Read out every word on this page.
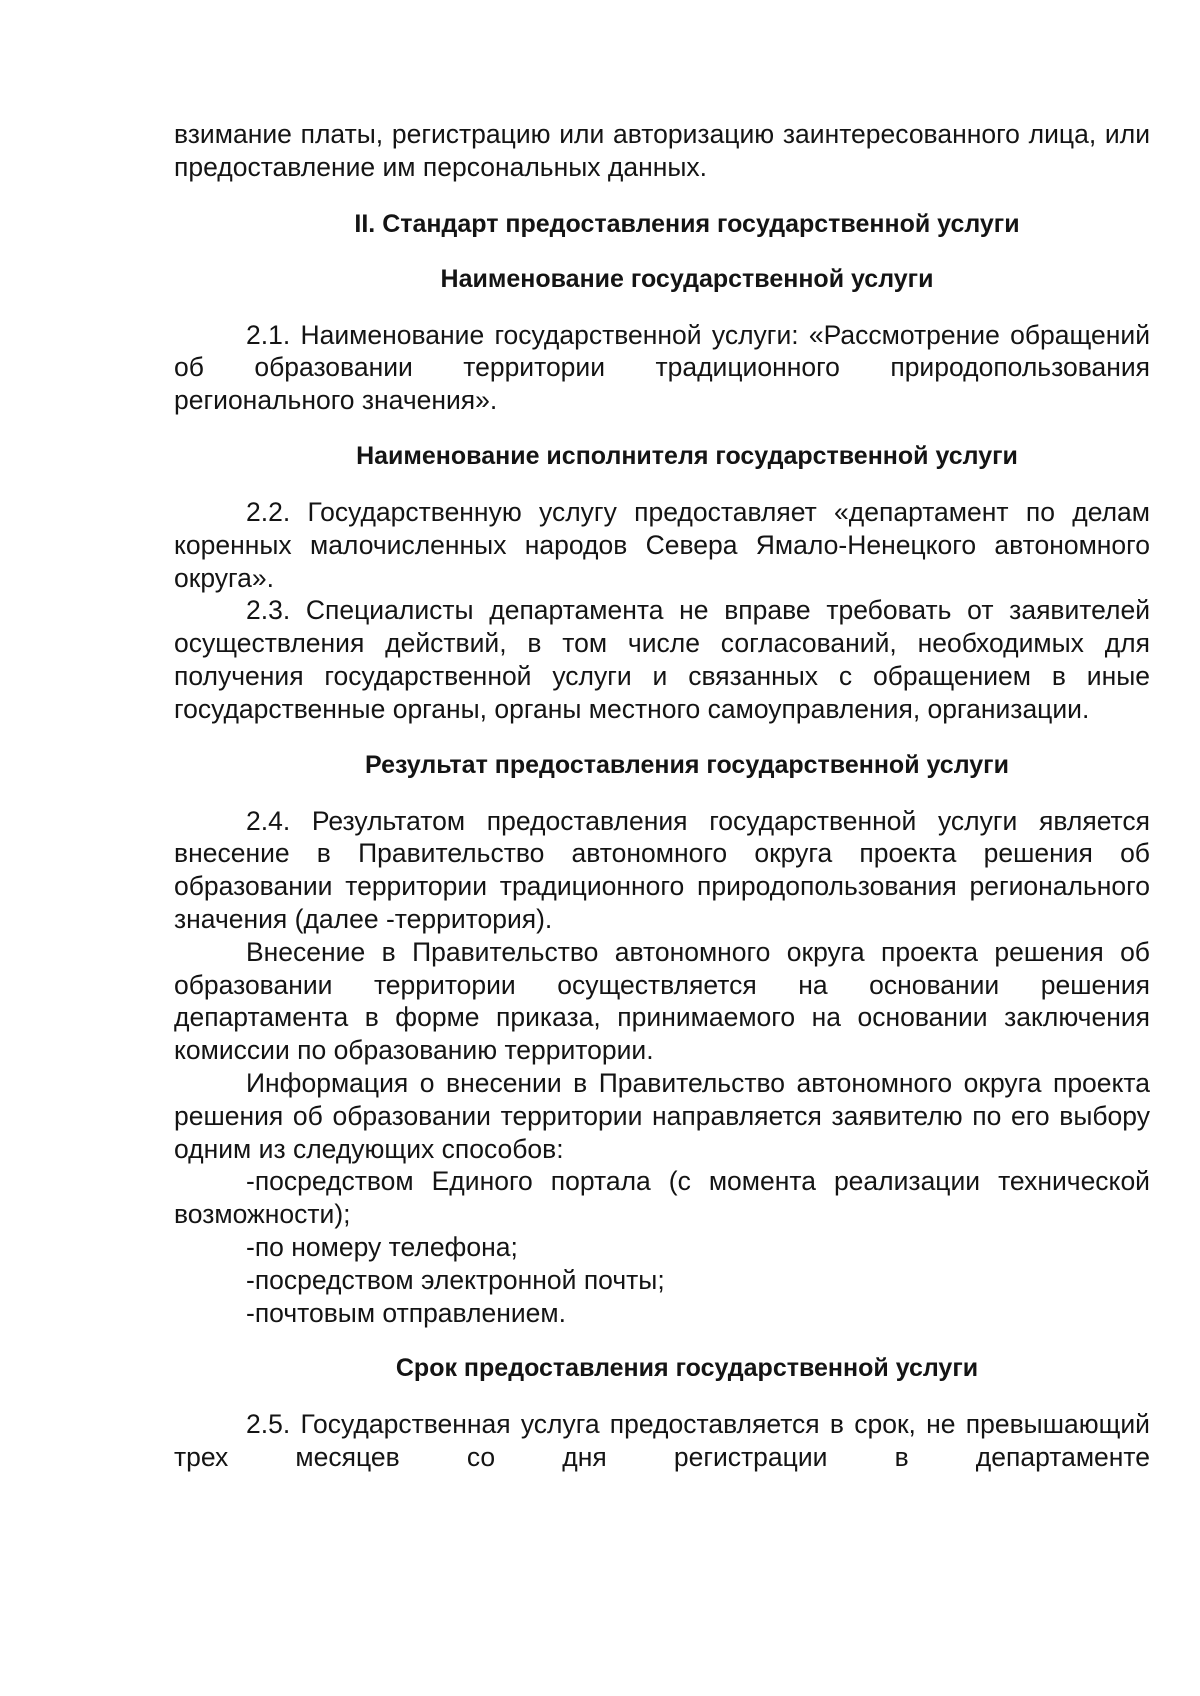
взимание платы, регистрацию или авторизацию заинтересованного лица, или предоставление им персональных данных.

II. Стандарт предоставления государственной услуги

Наименование государственной услуги

2.1. Наименование государственной услуги: «Рассмотрение обращений об образовании территории традиционного природопользования регионального значения».

Наименование исполнителя государственной услуги

2.2. Государственную услугу предоставляет «департамент по делам коренных малочисленных народов Севера Ямало-Ненецкого автономного округа».

2.3. Специалисты департамента не вправе требовать от заявителей осуществления действий, в том числе согласований, необходимых для получения государственной услуги и связанных с обращением в иные государственные органы, органы местного самоуправления, организации.

Результат предоставления государственной услуги

2.4. Результатом предоставления государственной услуги является внесение в Правительство автономного округа проекта решения об образовании территории традиционного природопользования регионального значения (далее -территория).

Внесение в Правительство автономного округа проекта решения об образовании территории осуществляется на основании решения департамента в форме приказа, принимаемого на основании заключения комиссии по образованию территории.

Информация о внесении в Правительство автономного округа проекта решения об образовании территории направляется заявителю по его выбору одним из следующих способов:

-посредством Единого портала (с момента реализации технической возможности);

-по номеру телефона;

-посредством электронной почты;

-почтовым отправлением.

Срок предоставления государственной услуги

2.5. Государственная услуга предоставляется в срок, не превышающий трех месяцев со дня регистрации в департаменте
